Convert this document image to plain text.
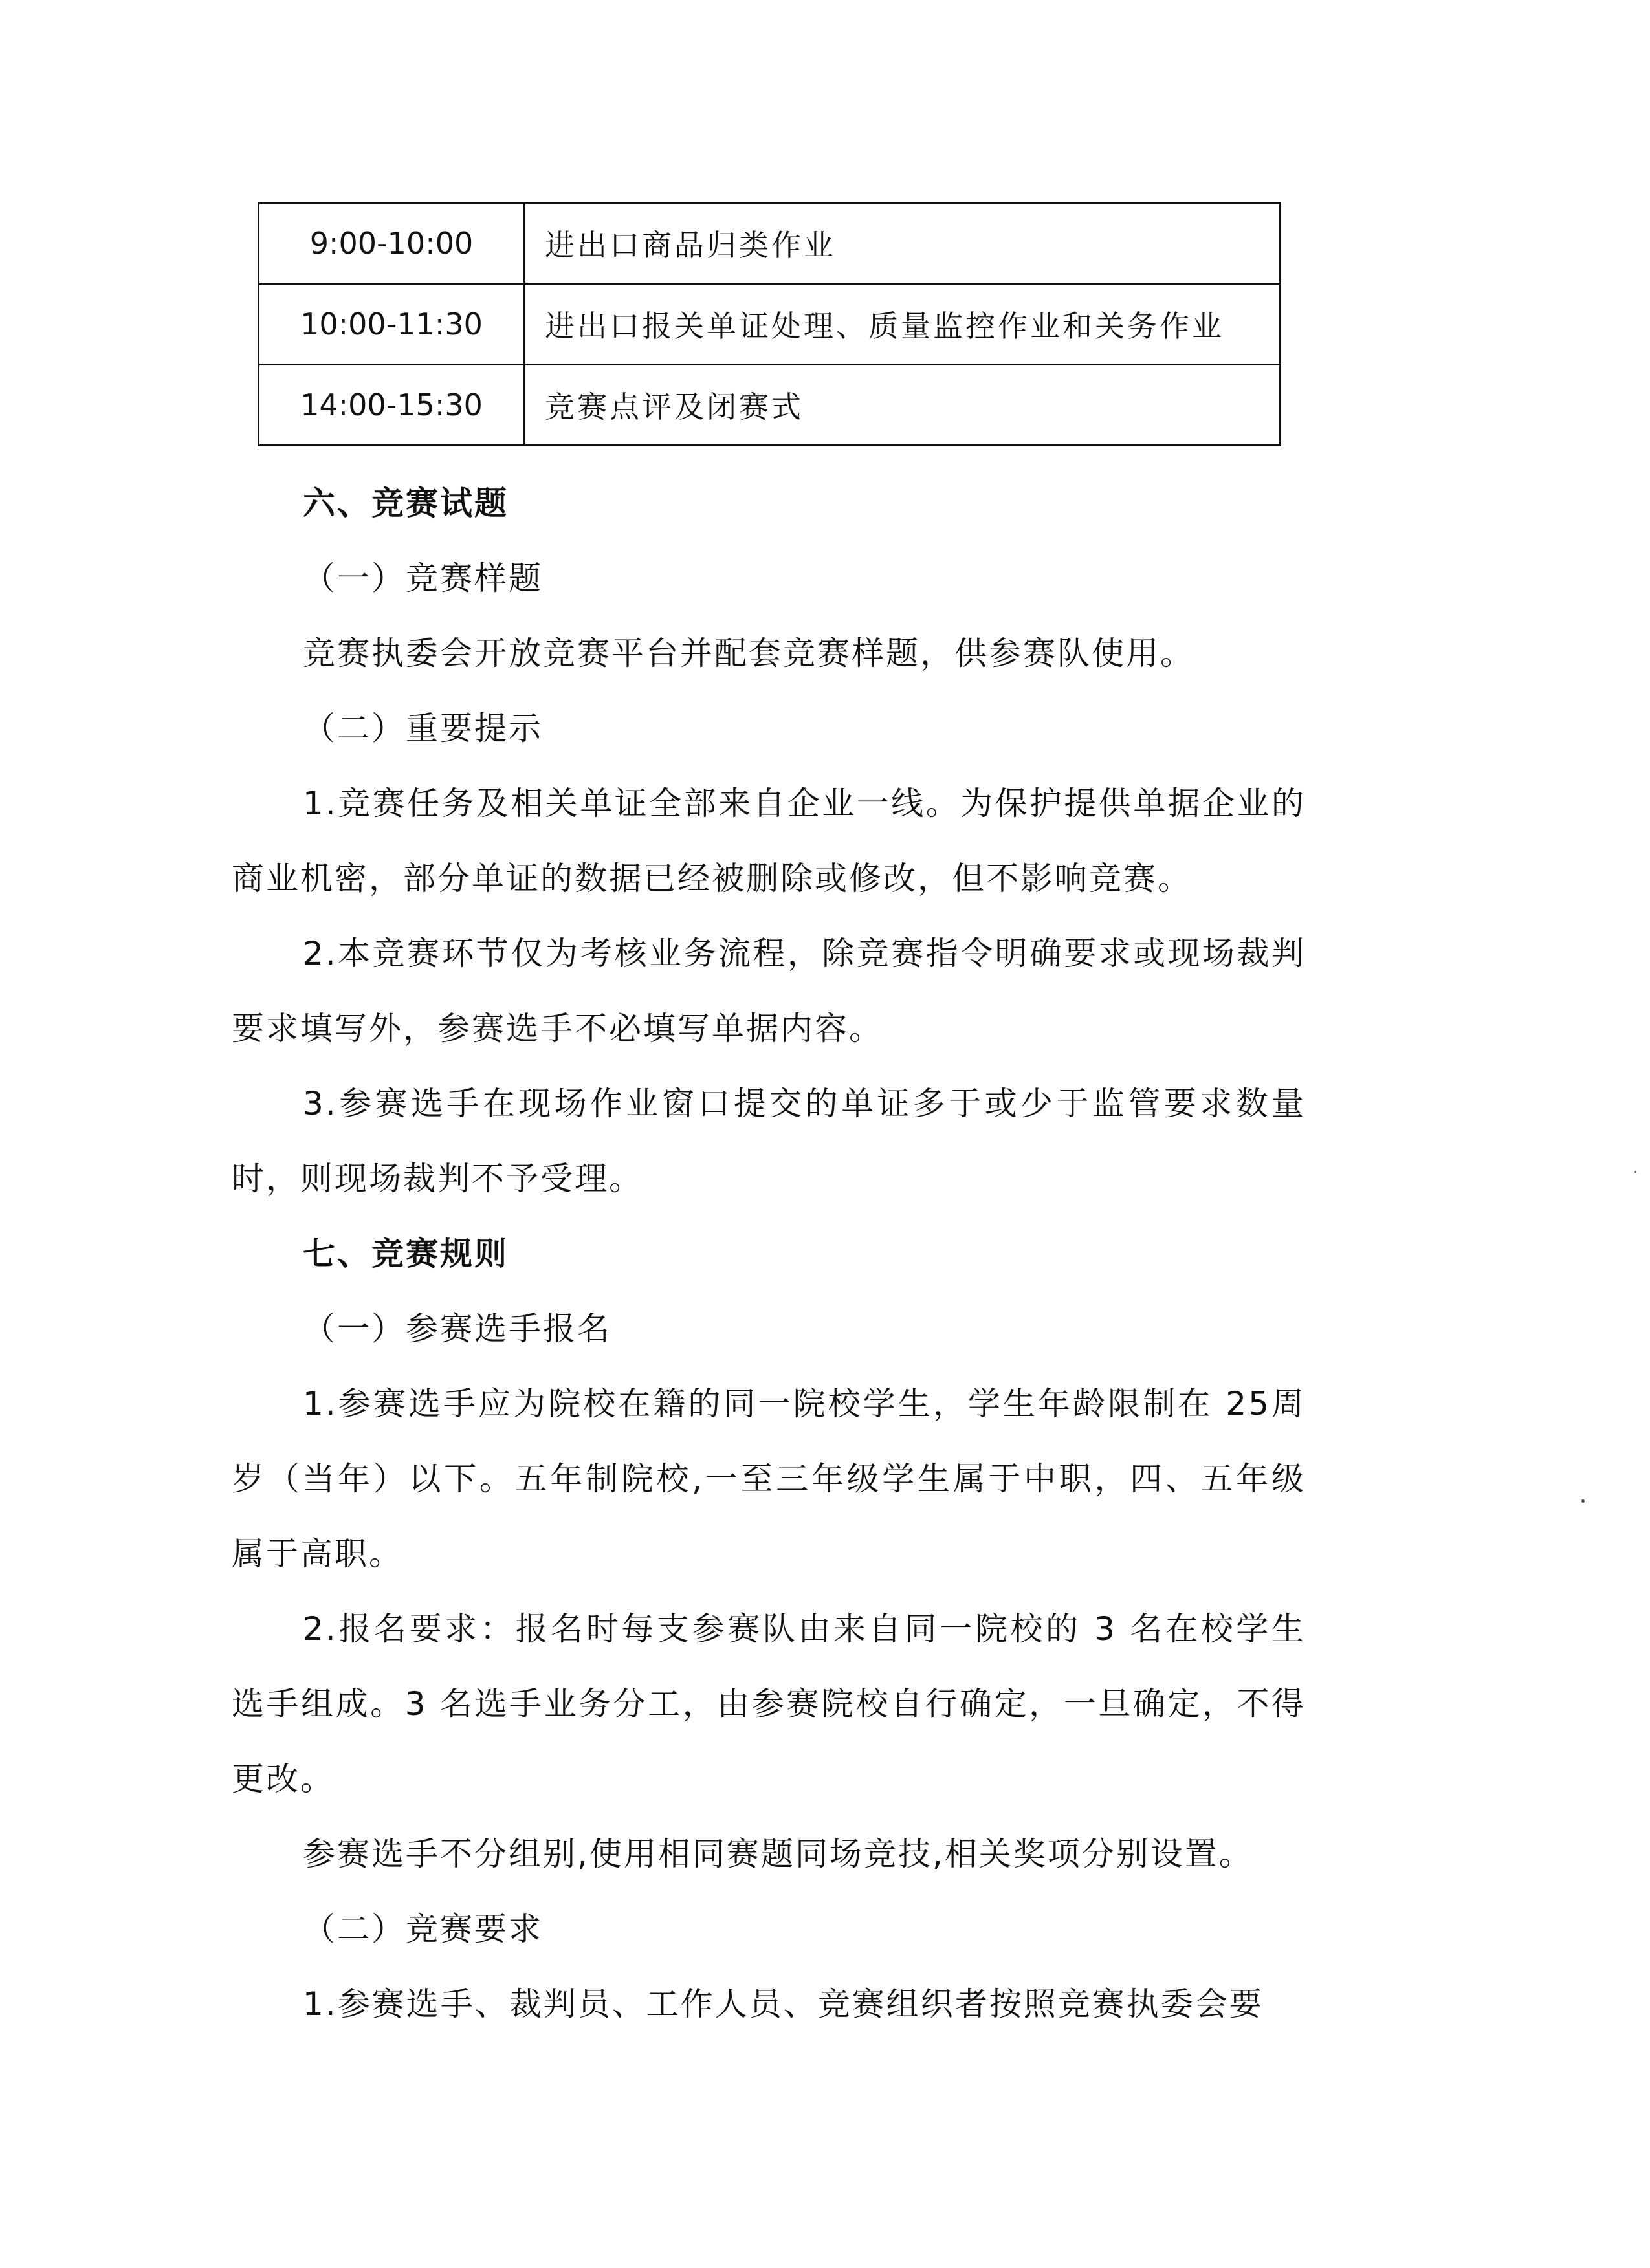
9:00-10:00	进出口商品归类作业
10:00-11:30	进出口报关单证处理、质量监控作业和关务作业
14:00-15:30	竞赛点评及闭赛式

六、竞赛试题

（一）竞赛样题

竞赛执委会开放竞赛平台并配套竞赛样题，供参赛队使用。

（二）重要提示

1.竞赛任务及相关单证全部来自企业一线。为保护提供单据企业的商业机密，部分单证的数据已经被删除或修改，但不影响竞赛。

2.本竞赛环节仅为考核业务流程，除竞赛指令明确要求或现场裁判要求填写外，参赛选手不必填写单据内容。

3.参赛选手在现场作业窗口提交的单证多于或少于监管要求数量时，则现场裁判不予受理。

七、竞赛规则

（一）参赛选手报名

1.参赛选手应为院校在籍的同一院校学生，学生年龄限制在 25周岁（当年）以下。五年制院校,一至三年级学生属于中职，四、五年级属于高职。

2.报名要求：报名时每支参赛队由来自同一院校的 3 名在校学生选手组成。3 名选手业务分工，由参赛院校自行确定，一旦确定，不得更改。

参赛选手不分组别,使用相同赛题同场竞技,相关奖项分别设置。

（二）竞赛要求

1.参赛选手、裁判员、工作人员、竞赛组织者按照竞赛执委会要
